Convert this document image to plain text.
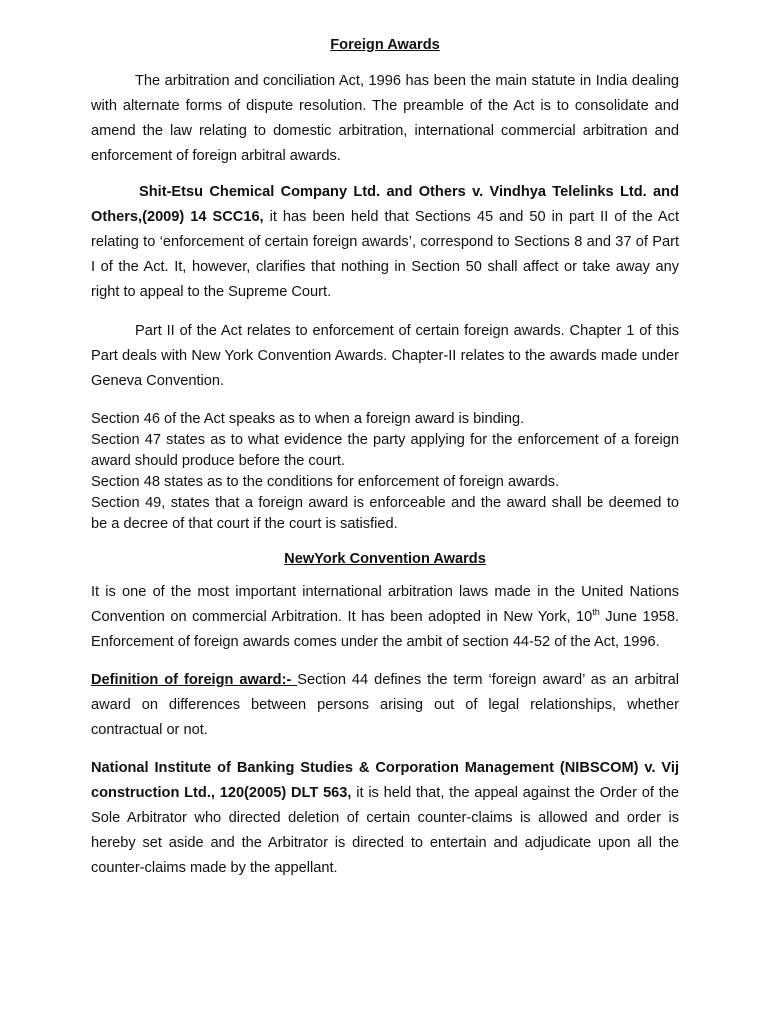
Foreign Awards

The arbitration and conciliation Act, 1996 has been the main statute in India dealing with alternate forms of dispute resolution. The preamble of the Act is to consolidate and amend the law relating to domestic arbitration, international commercial arbitration and enforcement of foreign arbitral awards.

Shit-Etsu Chemical Company Ltd. and Others v. Vindhya Telelinks Ltd. and Others,(2009) 14 SCC16, it has been held that Sections 45 and 50 in part II of the Act relating to ‘enforcement of certain foreign awards’, correspond to Sections 8 and 37 of Part I of the Act. It, however, clarifies that nothing in Section 50 shall affect or take away any right to appeal to the Supreme Court.

Part II of the Act relates to enforcement of certain foreign awards. Chapter 1 of this Part deals with New York Convention Awards. Chapter-II relates to the awards made under Geneva Convention.

Section 46 of the Act speaks as to when a foreign award is binding.

Section 47 states as to what evidence the party applying for the enforcement of a foreign award should produce before the court.

Section 48 states as to the conditions for enforcement of foreign awards.

Section 49, states that a foreign award is enforceable and the award shall be deemed to be a decree of that court if the court is satisfied.

NewYork Convention Awards

It is one of the most important international arbitration laws made in the United Nations Convention on commercial Arbitration. It has been adopted in New York, 10th June 1958. Enforcement of foreign awards comes under the ambit of section 44-52 of the Act, 1996.

Definition of foreign award:- Section 44 defines the term ‘foreign award’ as an arbitral award on differences between persons arising out of legal relationships, whether contractual or not.

National Institute of Banking Studies & Corporation Management (NIBSCOM) v. Vij construction Ltd., 120(2005) DLT 563, it is held that, the appeal against the Order of the Sole Arbitrator who directed deletion of certain counter-claims is allowed and order is hereby set aside and the Arbitrator is directed to entertain and adjudicate upon all the counter-claims made by the appellant.
